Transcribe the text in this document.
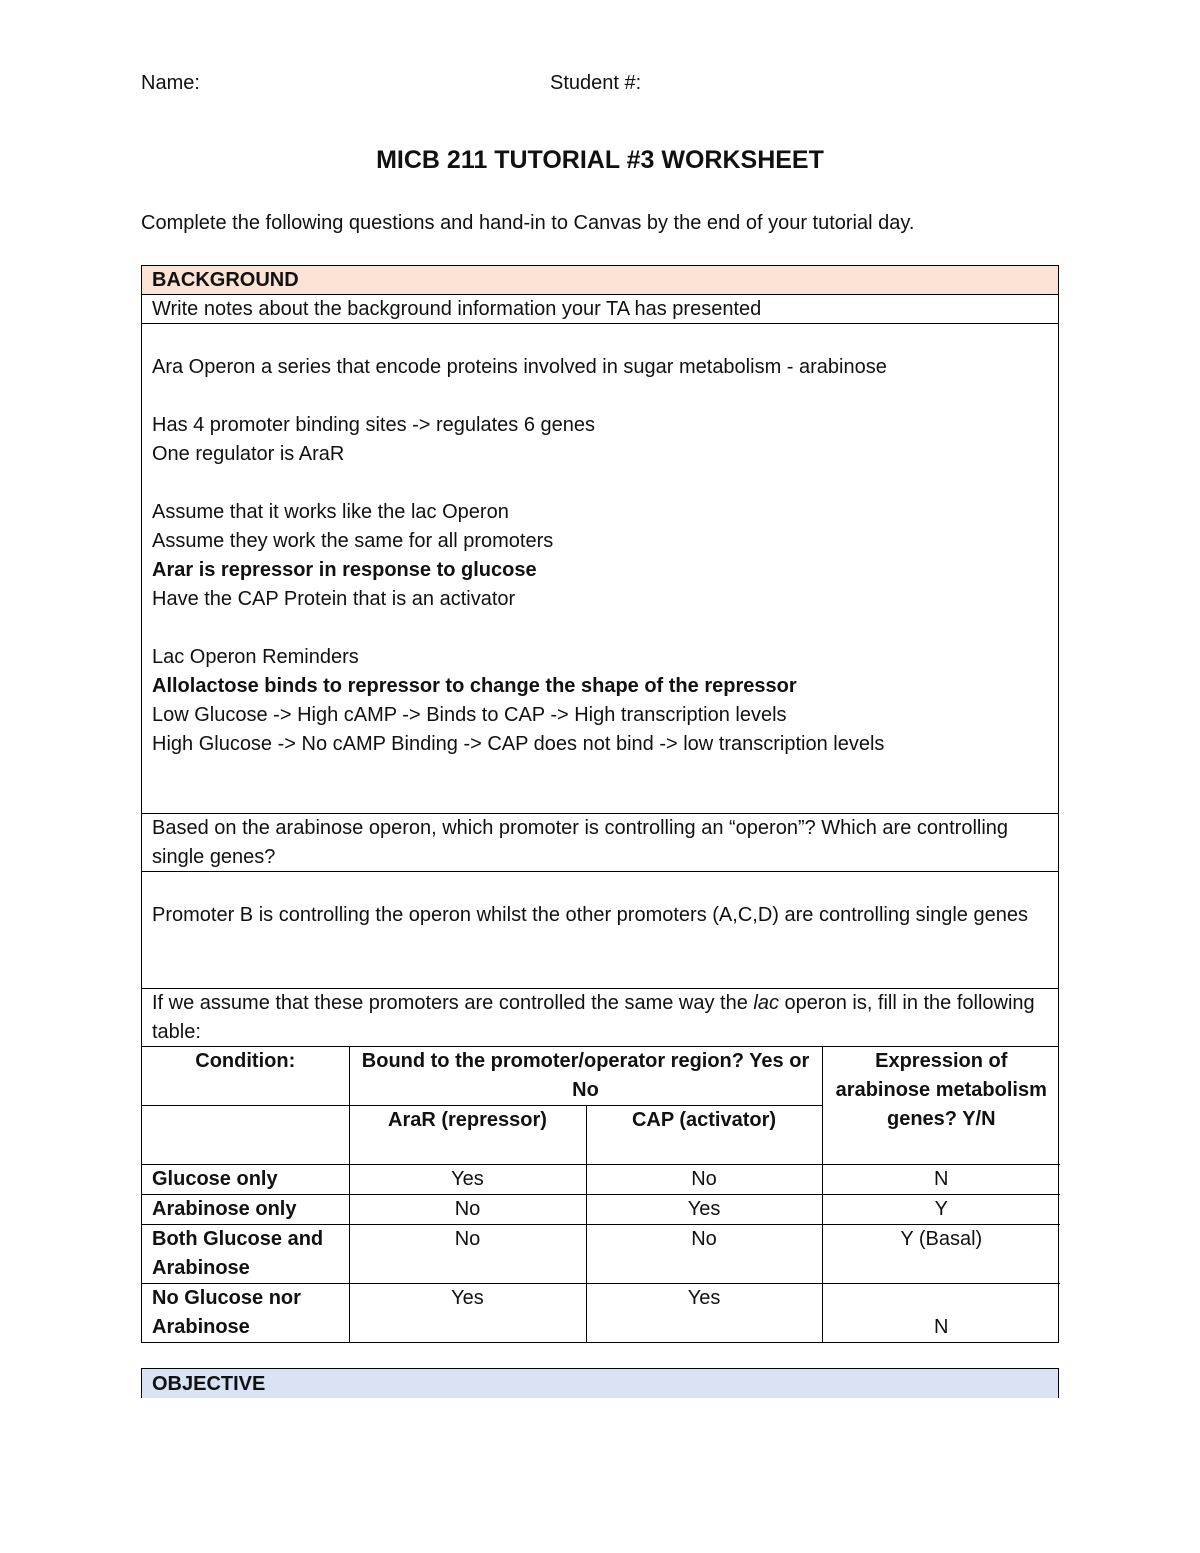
Name:	Student #:
MICB 211 TUTORIAL #3 WORKSHEET
Complete the following questions and hand-in to Canvas by the end of your tutorial day.
BACKGROUND
Write notes about the background information your TA has presented
Ara Operon a series that encode proteins involved in sugar metabolism - arabinose
Has 4 promoter binding sites -> regulates 6 genes
One regulator is AraR
Assume that it works like the lac Operon
Assume they work the same for all promoters
Arar is repressor in response to glucose
Have the CAP Protein that is an activator
Lac Operon Reminders
Allolactose binds to repressor to change the shape of the repressor
Low Glucose -> High cAMP -> Binds to CAP -> High transcription levels
High Glucose -> No cAMP Binding -> CAP does not bind -> low transcription levels
Based on the arabinose operon, which promoter is controlling an “operon”? Which are controlling single genes?
Promoter B is controlling the operon whilst the other promoters (A,C,D) are controlling single genes
If we assume that these promoters are controlled the same way the lac operon is, fill in the following table:
Condition:	Bound to the promoter/operator region? Yes or No		Expression of arabinose metabolism genes? Y/N
	AraR (repressor)	CAP (activator)	
Glucose only	Yes	No	N
Arabinose only	No	Yes	Y
Both Glucose and Arabinose	No	No	Y (Basal)
No Glucose nor Arabinose	Yes	Yes	N
OBJECTIVE
